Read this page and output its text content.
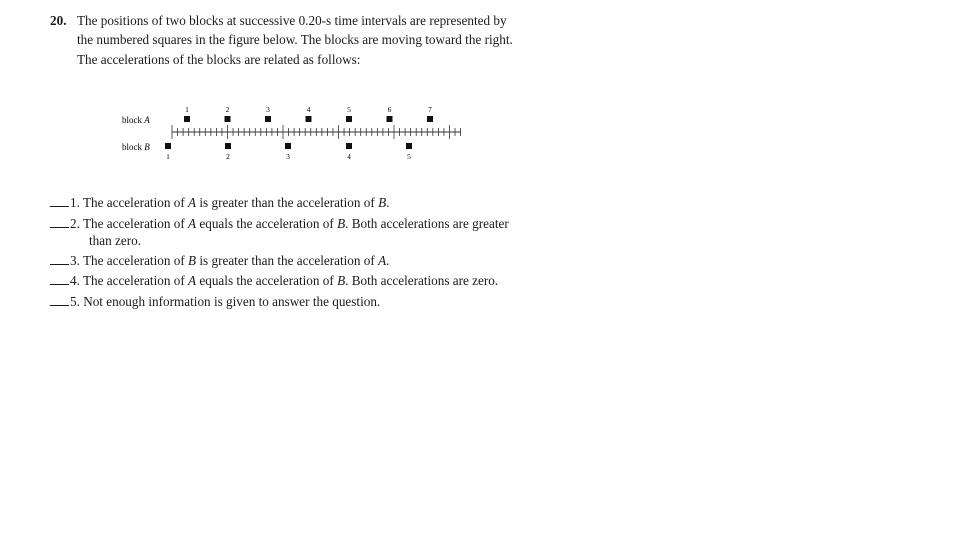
20. The positions of two blocks at successive 0.20-s time intervals are represented by
the numbered squares in the figure below. The blocks are moving toward the right.
The accelerations of the blocks are related as follows:
block A
block B
1	2	3	4	5	6	7
1	2	3	4	5
1. The acceleration of A is greater than the acceleration of B.
2. The acceleration of A equals the acceleration of B. Both accelerations are greater
than zero.
3. The acceleration of B is greater than the acceleration of A.
4. The acceleration of A equals the acceleration of B. Both accelerations are zero.
5. Not enough information is given to answer the question.
